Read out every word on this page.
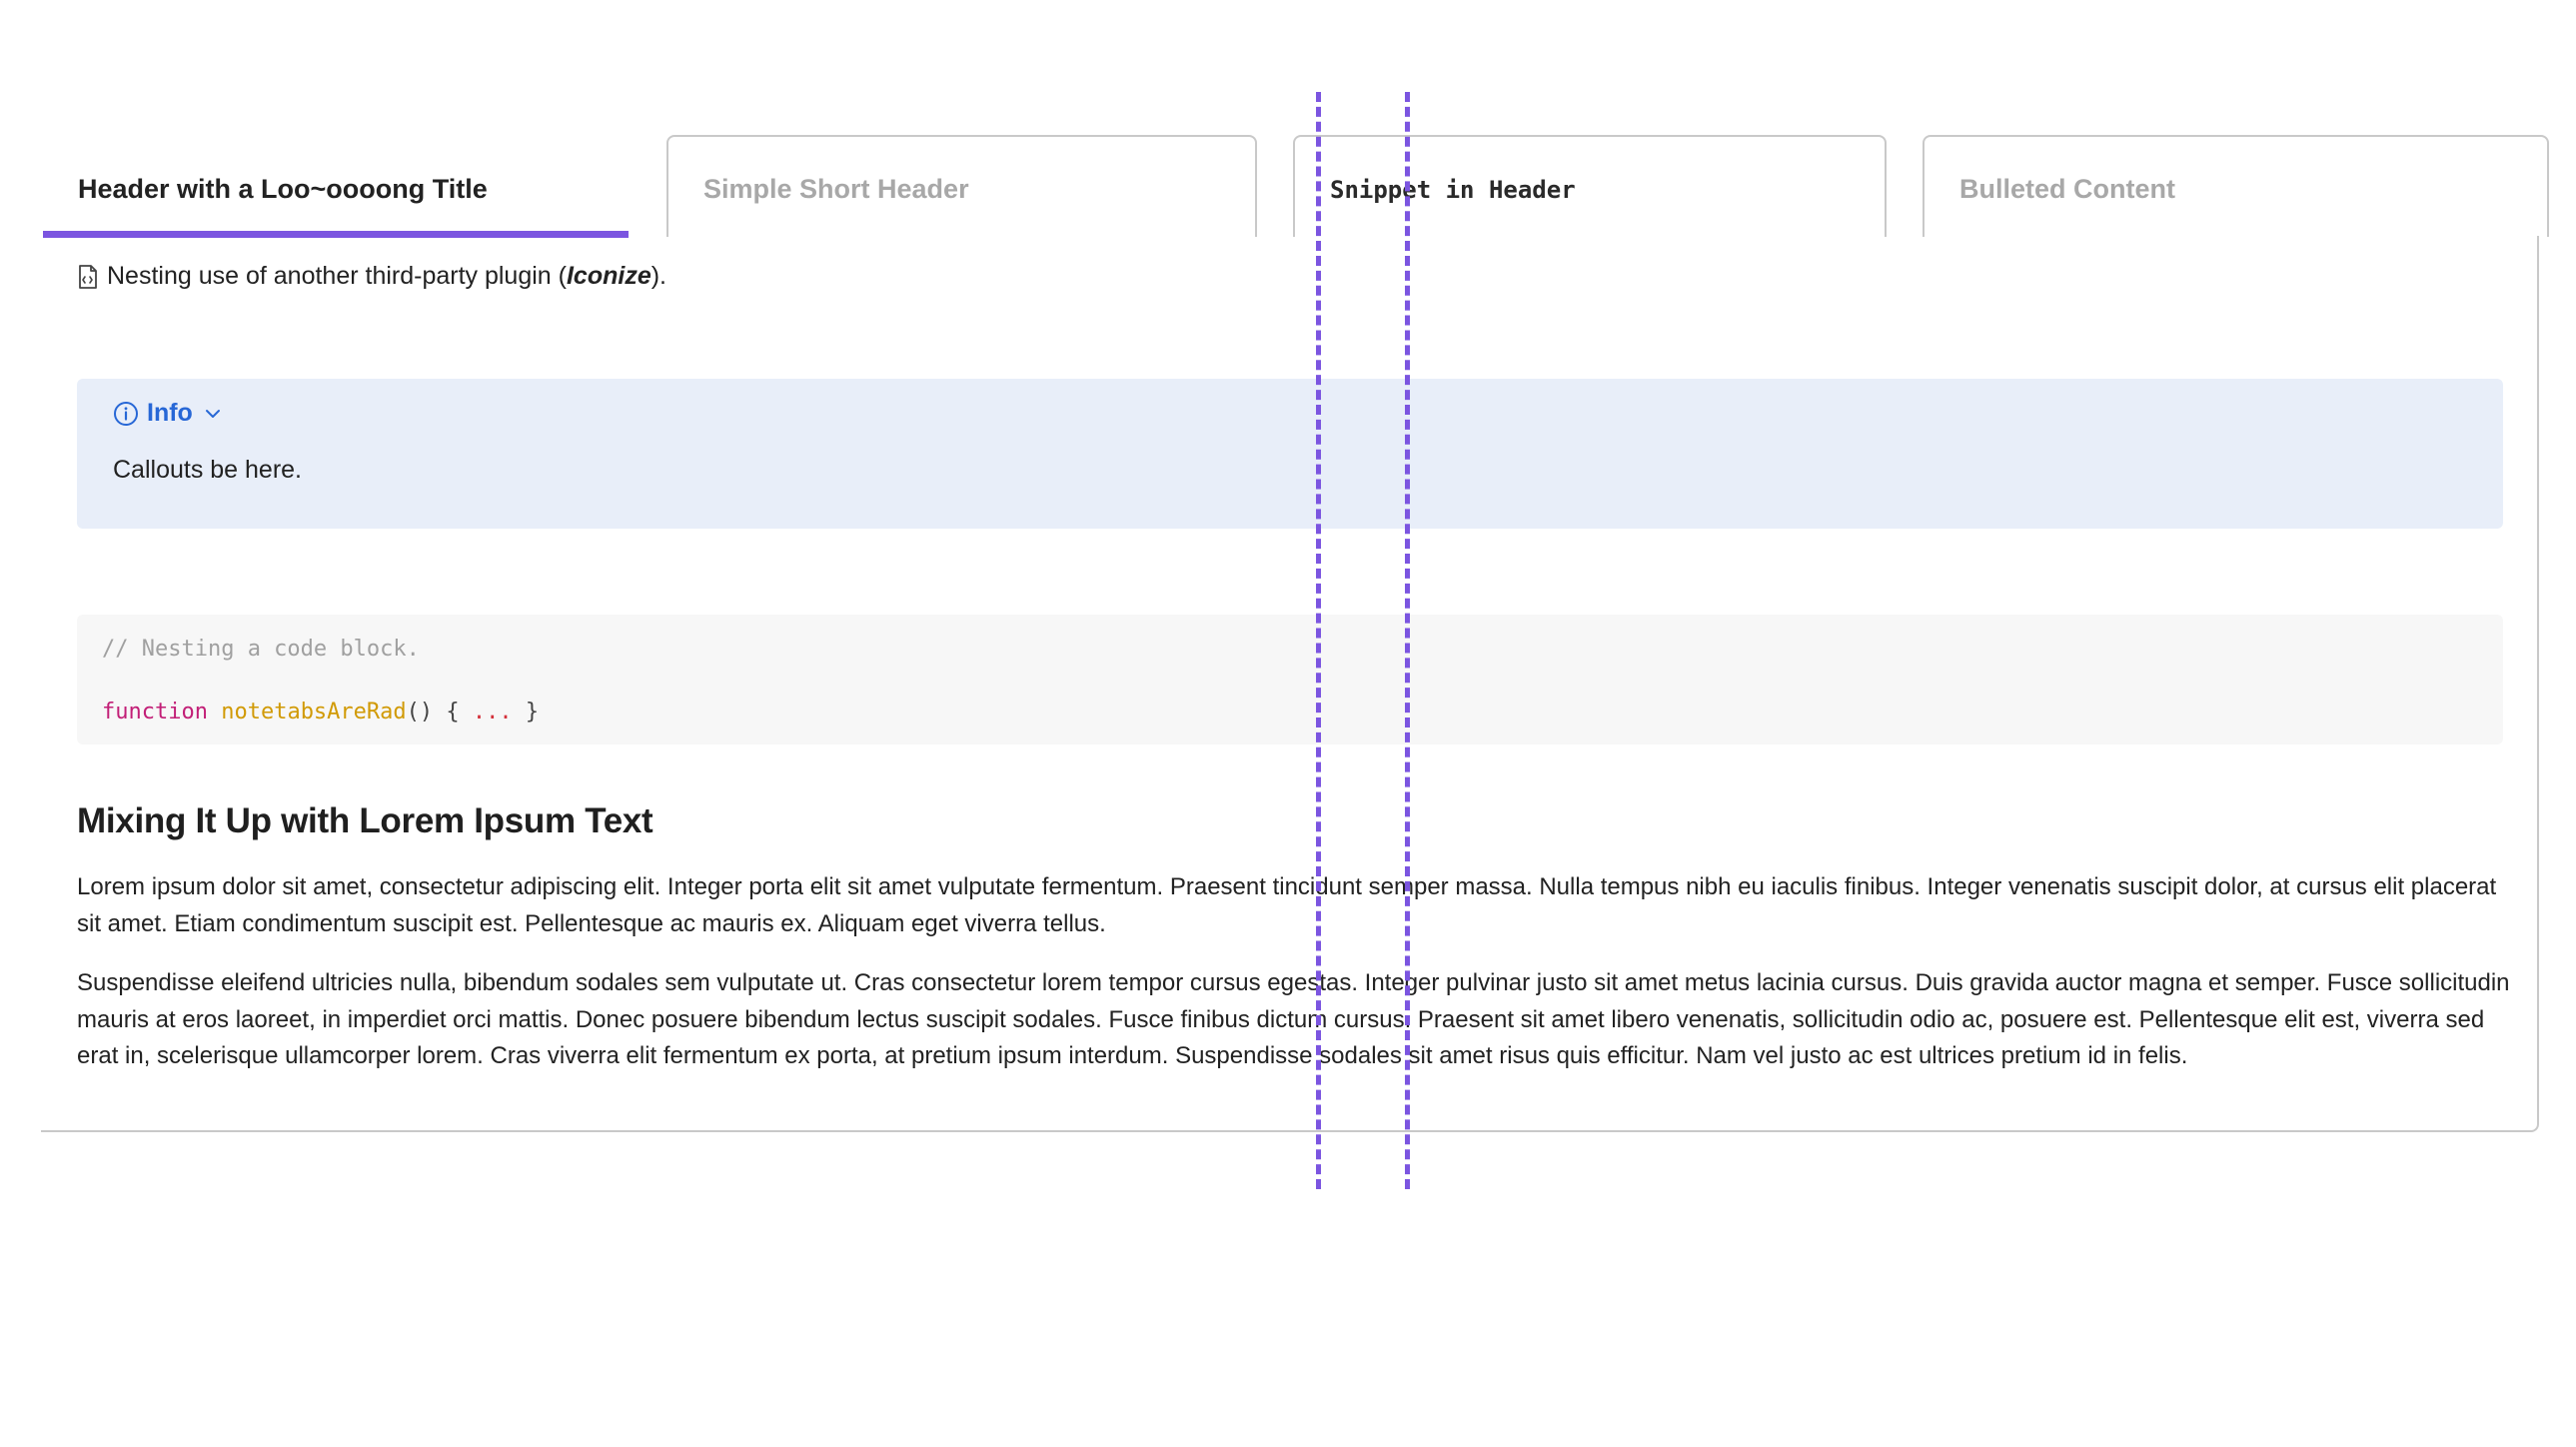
Header with a Loo~oooong Title	Simple Short Header	Snippet in Header	Bulleted Content
Nesting use of another third-party plugin ( Iconize ).
Info
Callouts be here.
// Nesting a code block.
function notetabsAreRad() { ... }
Mixing It Up with Lorem Ipsum Text
Lorem ipsum dolor sit amet, consectetur adipiscing elit. Integer porta elit sit amet vulputate fermentum. Praesent tincidunt semper massa. Nulla tempus nibh eu iaculis finibus. Integer venenatis suscipit dolor, at cursus elit placerat sit amet. Etiam condimentum suscipit est. Pellentesque ac mauris ex. Aliquam eget viverra tellus.
Suspendisse eleifend ultricies nulla, bibendum sodales sem vulputate ut. Cras consectetur lorem tempor cursus egestas. Integer pulvinar justo sit amet metus lacinia cursus. Duis gravida auctor magna et semper. Fusce sollicitudin mauris at eros laoreet, in imperdiet orci mattis. Donec posuere bibendum lectus suscipit sodales. Fusce finibus dictum cursus. Praesent sit amet libero venenatis, sollicitudin odio ac, posuere est. Pellentesque elit est, viverra sed erat in, scelerisque ullamcorper lorem. Cras viverra elit fermentum ex porta, at pretium ipsum interdum. Suspendisse sodales sit amet risus quis efficitur. Nam vel justo ac est ultrices pretium id in felis.
